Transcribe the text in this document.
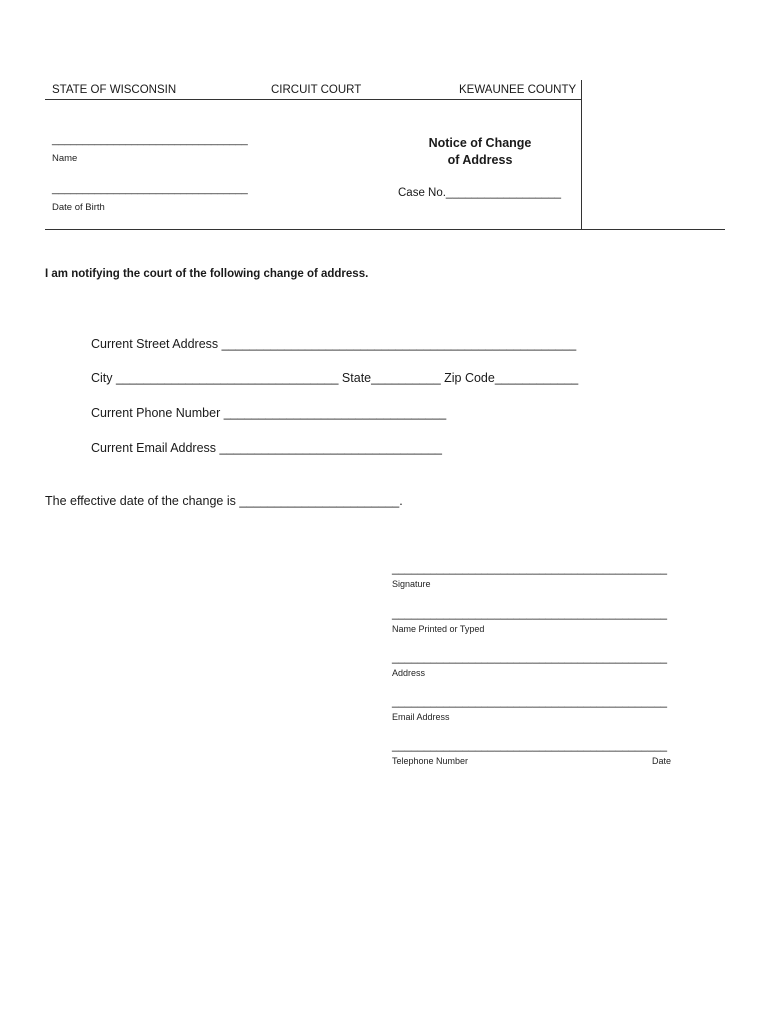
STATE OF WISCONSIN	CIRCUIT COURT	KEWAUNEE COUNTY
________________________________
Name
________________________________
Date of Birth
Notice of Change
of Address
Case No.__________________
I am notifying the court of the following change of address.
Current Street Address ___________________________________________________
City ________________________________ State__________ Zip Code____________
Current Phone Number ________________________________
Current Email Address ________________________________
The effective date of the change is _______________________.
___________________________________________
Signature
___________________________________________
Name Printed or Typed
___________________________________________
Address
___________________________________________
Email Address
___________________________________________
Telephone Number	Date
